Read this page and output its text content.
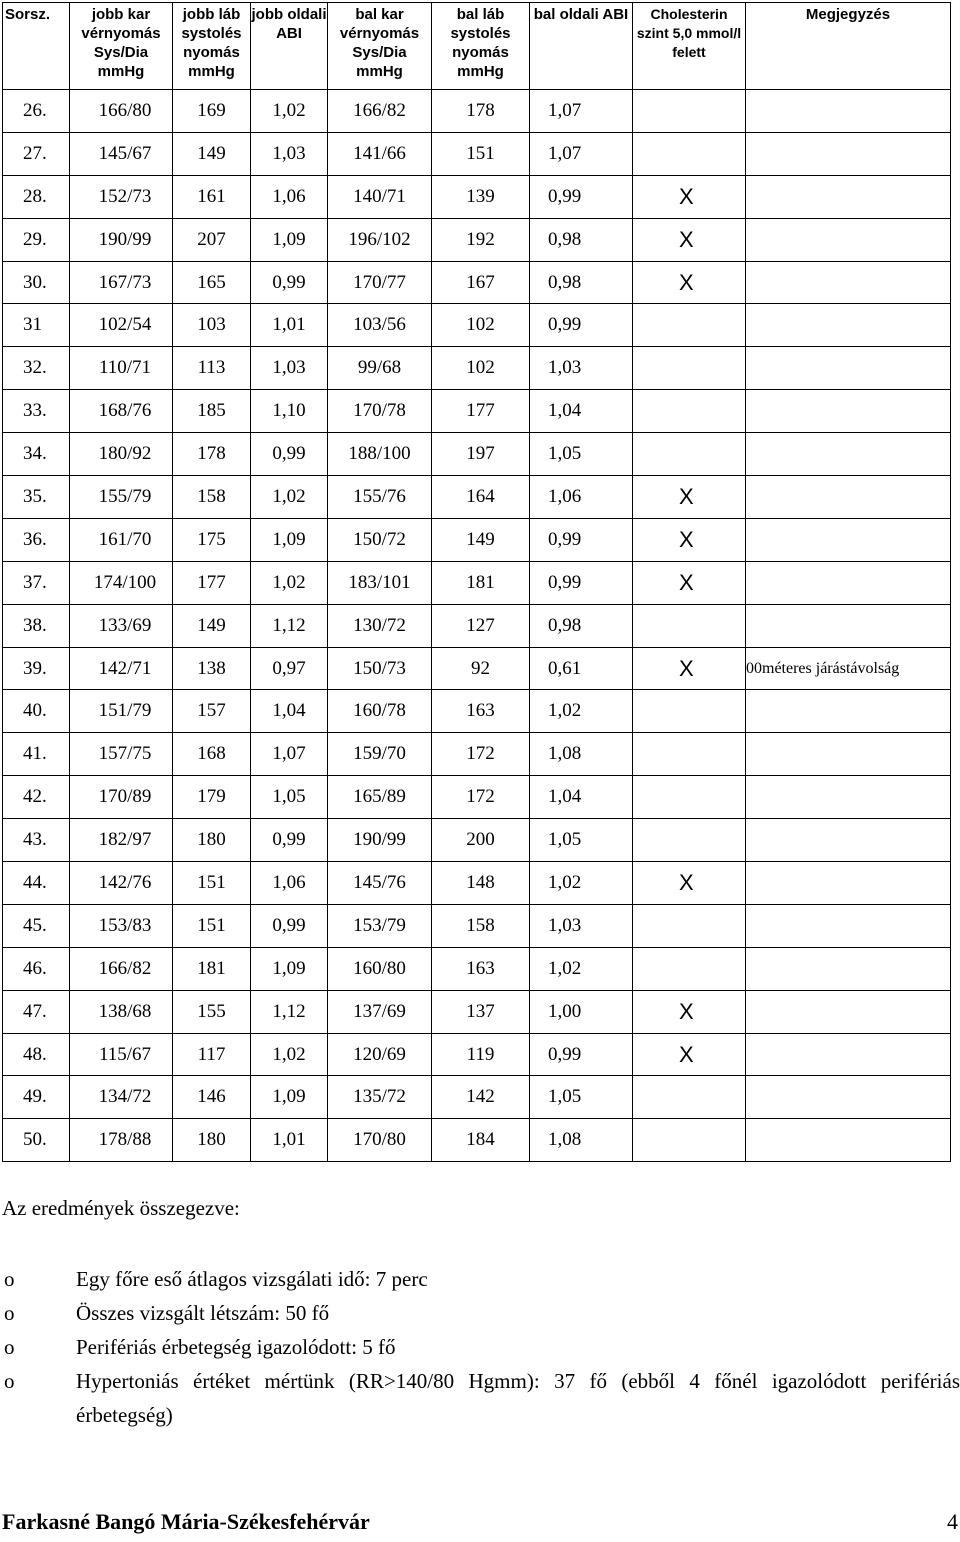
Sorsz.	jobb kar vérnyomás Sys/Dia mmHg	jobb láb systolés nyomás mmHg	jobb oldali ABI	bal kar vérnyomás Sys/Dia mmHg	bal láb systolés nyomás mmHg	bal oldali ABI	Cholesterin szint 5,0 mmol/l felett	Megjegyzés
26.	166/80	169	1,02	166/82	178	1,07		
27.	145/67	149	1,03	141/66	151	1,07		
28.	152/73	161	1,06	140/71	139	0,99	X	
29.	190/99	207	1,09	196/102	192	0,98	X	
30.	167/73	165	0,99	170/77	167	0,98	X	
31	102/54	103	1,01	103/56	102	0,99		
32.	110/71	113	1,03	99/68	102	1,03		
33.	168/76	185	1,10	170/78	177	1,04		
34.	180/92	178	0,99	188/100	197	1,05		
35.	155/79	158	1,02	155/76	164	1,06	X	
36.	161/70	175	1,09	150/72	149	0,99	X	
37.	174/100	177	1,02	183/101	181	0,99	X	
38.	133/69	149	1,12	130/72	127	0,98		
39.	142/71	138	0,97	150/73	92	0,61	X	00méteres járástávolság
40.	151/79	157	1,04	160/78	163	1,02		
41.	157/75	168	1,07	159/70	172	1,08		
42.	170/89	179	1,05	165/89	172	1,04		
43.	182/97	180	0,99	190/99	200	1,05		
44.	142/76	151	1,06	145/76	148	1,02	X	
45.	153/83	151	0,99	153/79	158	1,03		
46.	166/82	181	1,09	160/80	163	1,02		
47.	138/68	155	1,12	137/69	137	1,00	X	
48.	115/67	117	1,02	120/69	119	0,99	X	
49.	134/72	146	1,09	135/72	142	1,05		
50.	178/88	180	1,01	170/80	184	1,08		
Az eredmények összegezve:
o	Egy főre eső átlagos vizsgálati idő: 7 perc
o	Összes vizsgált létszám: 50 fő
o	Perifériás érbetegség igazolódott: 5 fő
o	Hypertoniás értéket mértünk (RR>140/80 Hgmm): 37 fő (ebből 4 főnél igazolódott perifériás érbetegség)
Farkasné Bangó Mária-Székesfehérvár	4
